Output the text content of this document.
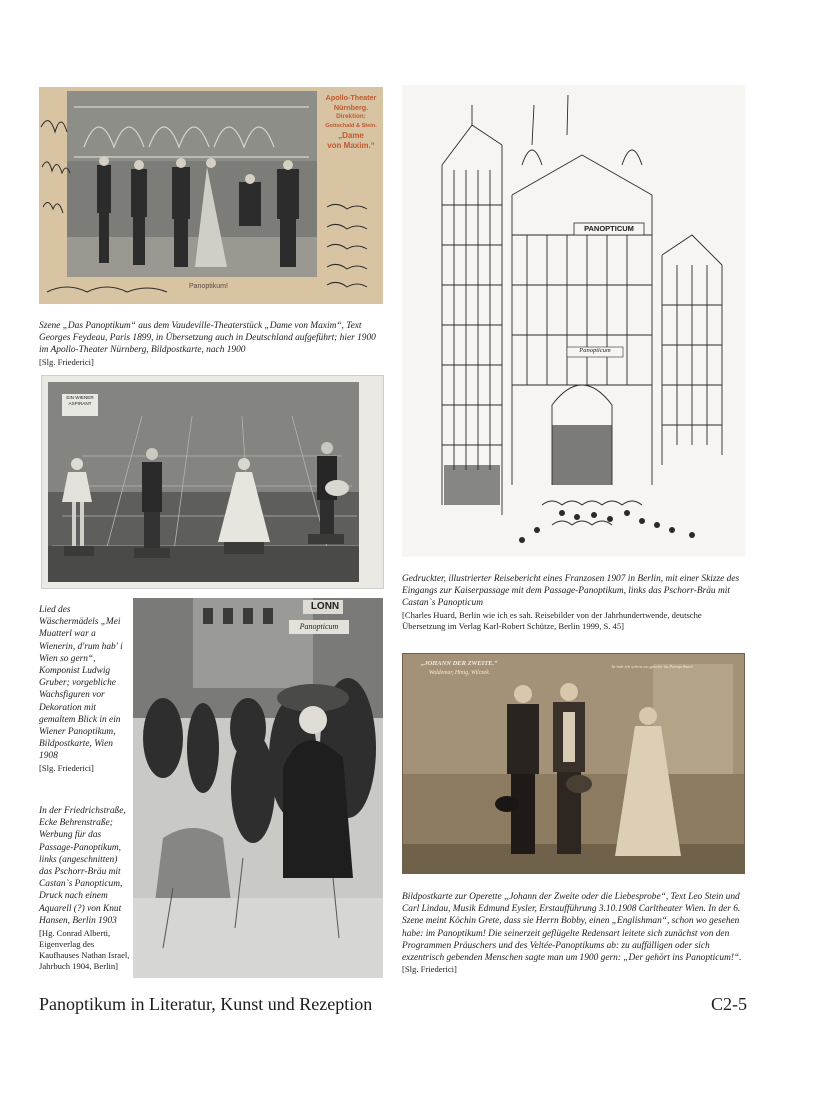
Apollo-Theater
Nürnberg.
Direktion:
Gottschald & Stein.
„Dame
von Maxim.“
Panoptikum!
Szene „Das Panoptikum“ aus dem Vaudeville-Theaterstück „Dame von Maxim“, Text Georges Feydeau, Paris 1899, in Übersetzung auch in Deutschland aufgeführt; hier 1900 im Apollo-Theater Nürnberg, Bildpostkarte, nach 1900
[Slg. Friederici]
EIN WIENER ASPIRANT
Lied des Wäschermädels „Mei Muatterl war a Wienerin, d'rum hab' i Wien so gern“, Komponist Ludwig Gruber; vorgebliche Wachsfiguren vor Dekoration mit gemaltem Blick in ein Wiener Panoptikum, Bildpostkarte, Wien 1908
[Slg. Friederici]
LONN
Panopticum
In der Friedrichstraße, Ecke Behrenstraße; Werbung für das Passage-Panoptikum, links (angeschnitten) das Pschorr-Bräu mit Castan`s Panopticum, Druck nach einem Aquarell (?) von Knut Hansen, Berlin 1903
[Hg. Conrad Alberti, Eigenverlag des Kaufhauses Nathan Israel, Jahrbuch 1904, Berlin]
PANOPTICUM
Panopticum
Gedruckter, illustrierter Reisebericht eines Franzosen 1907 in Berlin, mit einer Skizze des Eingangs zur Kaiserpassage mit dem Passage-Panoptikum, links das Pschorr-Bräu mit Castan`s Panopticum
[Charles Huard, Berlin wie ich es sah. Reisebilder von der Jahrhundertwende, deutsche Übersetzung im Verlag Karl-Robert Schütze, Berlin 1999, S. 45]
„JOHANN DER ZWEITE.“
Waldemar, Hinig, Wilczek.
Ja hab ich schon wo gesehn im Panoptikum!
Bildpostkarte zur Operette „Johann der Zweite oder die Liebesprobe“, Text Leo Stein und Carl Lindau, Musik Edmund Eysler, Erstaufführung 3.10.1908 Carltheater Wien. In der 6. Szene meint Köchin Grete, dass sie Herrn Bobby, einen „Englishman“, schon wo gesehen habe: im Panoptikum! Die seinerzeit geflügelte Redensart leitete sich zunächst von den Programmen Präuschers und des Veltée-Panoptikums ab: zu auffälligen oder sich exzentrisch gebenden Menschen sagte man um 1900 gern: „Der gehört ins Panopticum!“.
[Slg. Friederici]
Panoptikum in Literatur, Kunst und Rezeption	C2-5
